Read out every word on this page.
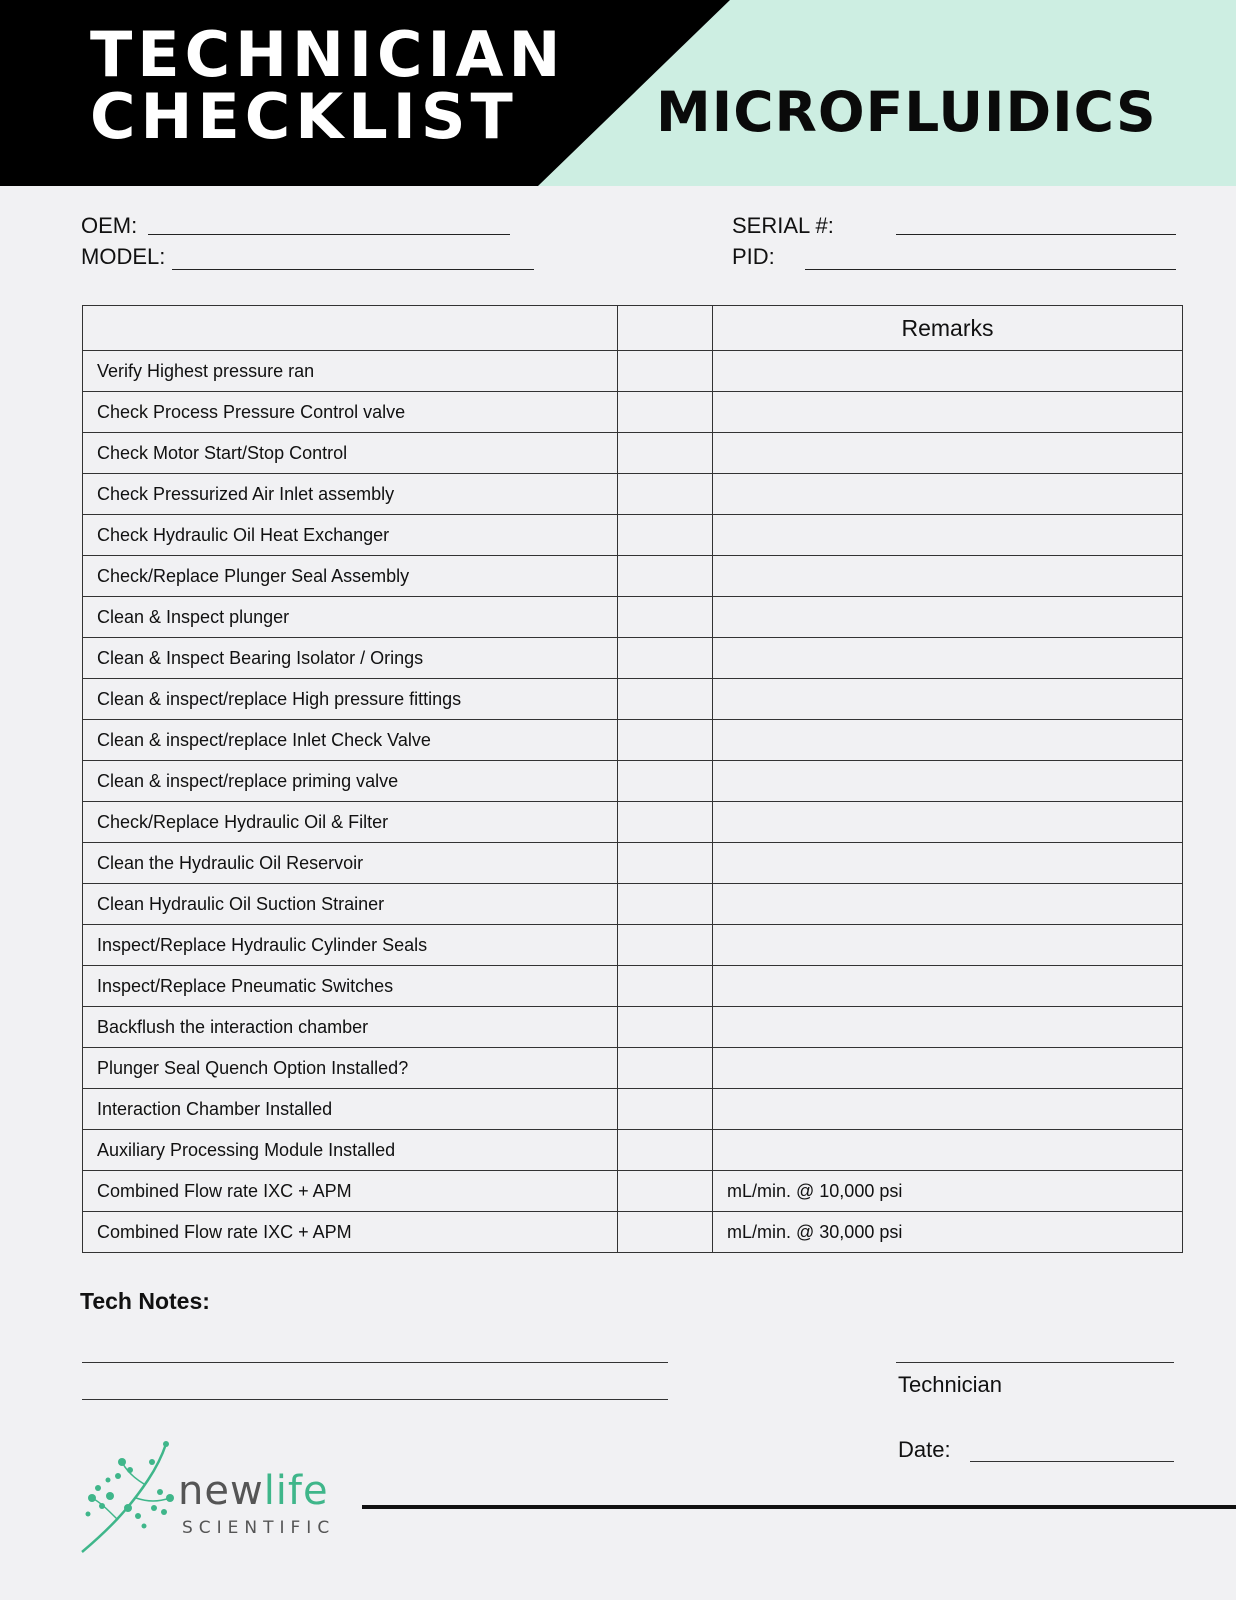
TECHNICIAN
CHECKLIST	MICROFLUIDICS
OEM:
MODEL:
SERIAL #:
PID:
		Remarks
Verify Highest pressure ran		
Check Process Pressure Control valve		
Check Motor Start/Stop Control		
Check Pressurized Air Inlet assembly		
Check Hydraulic Oil Heat Exchanger		
Check/Replace Plunger Seal Assembly		
Clean & Inspect plunger		
Clean & Inspect Bearing Isolator / Orings		
Clean & inspect/replace High pressure fittings		
Clean & inspect/replace Inlet Check Valve		
Clean & inspect/replace priming valve		
Check/Replace Hydraulic Oil & Filter		
Clean the Hydraulic Oil Reservoir		
Clean Hydraulic Oil Suction Strainer		
Inspect/Replace Hydraulic Cylinder Seals		
Inspect/Replace Pneumatic Switches		
Backflush the interaction chamber		
Plunger Seal Quench Option Installed?		
Interaction Chamber Installed		
Auxiliary Processing Module Installed		
Combined Flow rate IXC + APM		mL/min. @ 10,000 psi
Combined Flow rate IXC + APM		mL/min. @ 30,000 psi
Tech Notes:
Technician
Date:
newlife
SCIENTIFIC
